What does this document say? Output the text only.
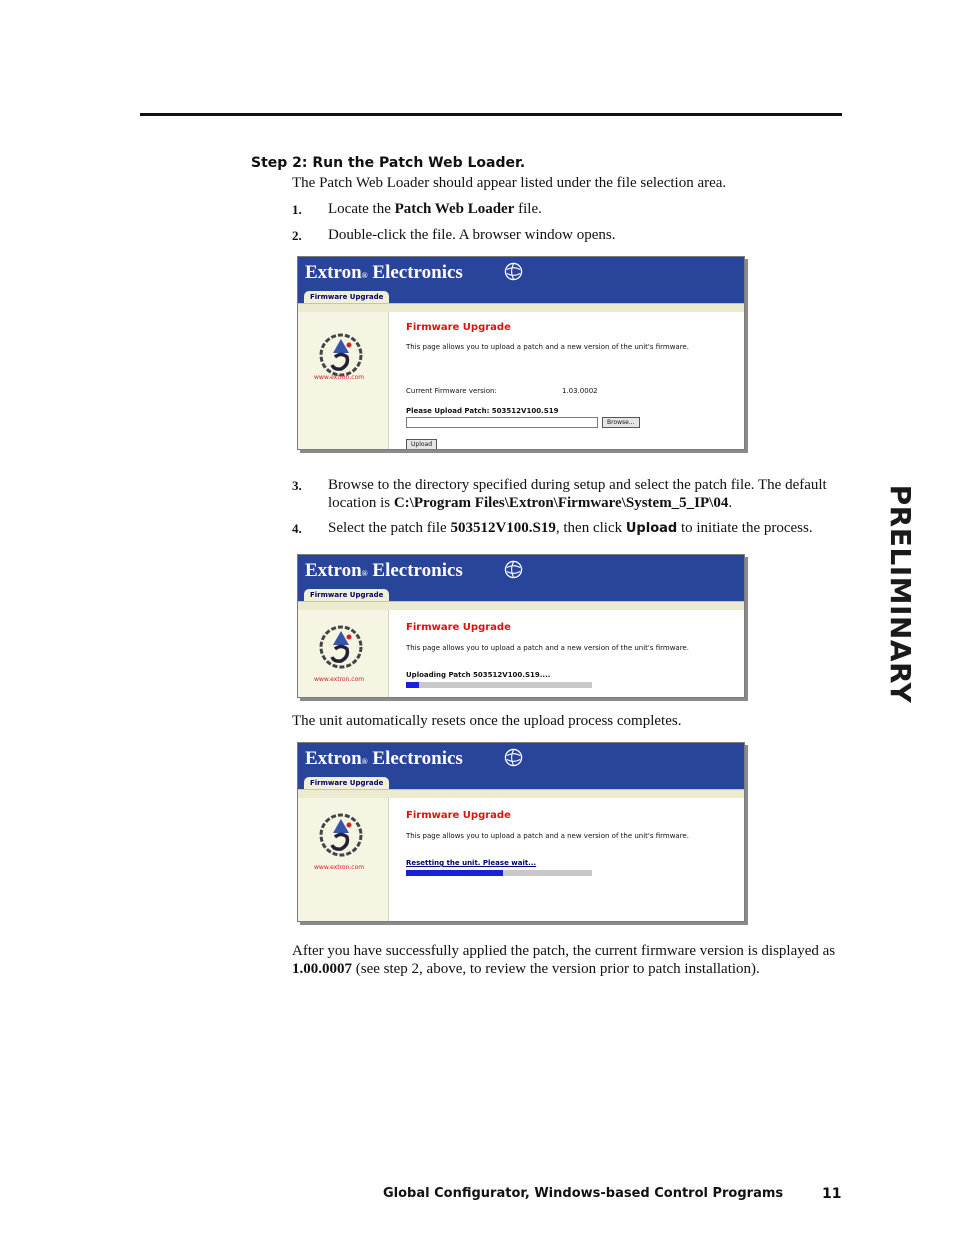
Step 2: Run the Patch Web Loader.
The Patch Web Loader should appear listed under the file selection area.
1. Locate the Patch Web Loader file.
2. Double-click the file. A browser window opens.
Extron® Electronics
Firmware Upgrade
www.extron.com
Firmware Upgrade
This page allows you to upload a patch and a new version of the unit's firmware.
Current Firmware version:	1.03.0002
Please Upload Patch: 503512V100.S19
Browse...
Upload
3. Browse to the directory specified during setup and select the patch file. The default location is C:\Program Files\Extron\Firmware\System_5_IP\04.
4. Select the patch file 503512V100.S19, then click Upload to initiate the process.
Extron® Electronics
Firmware Upgrade
www.extron.com
Firmware Upgrade
This page allows you to upload a patch and a new version of the unit's firmware.
Uploading Patch 503512V100.S19....
The unit automatically resets once the upload process completes.
Extron® Electronics
Firmware Upgrade
www.extron.com
Firmware Upgrade
This page allows you to upload a patch and a new version of the unit's firmware.
Resetting the unit. Please wait...
After you have successfully applied the patch, the current firmware version is displayed as 1.00.0007 (see step 2, above, to review the version prior to patch installation).
PRELIMINARY
Global Configurator, Windows-based Control Programs	11
